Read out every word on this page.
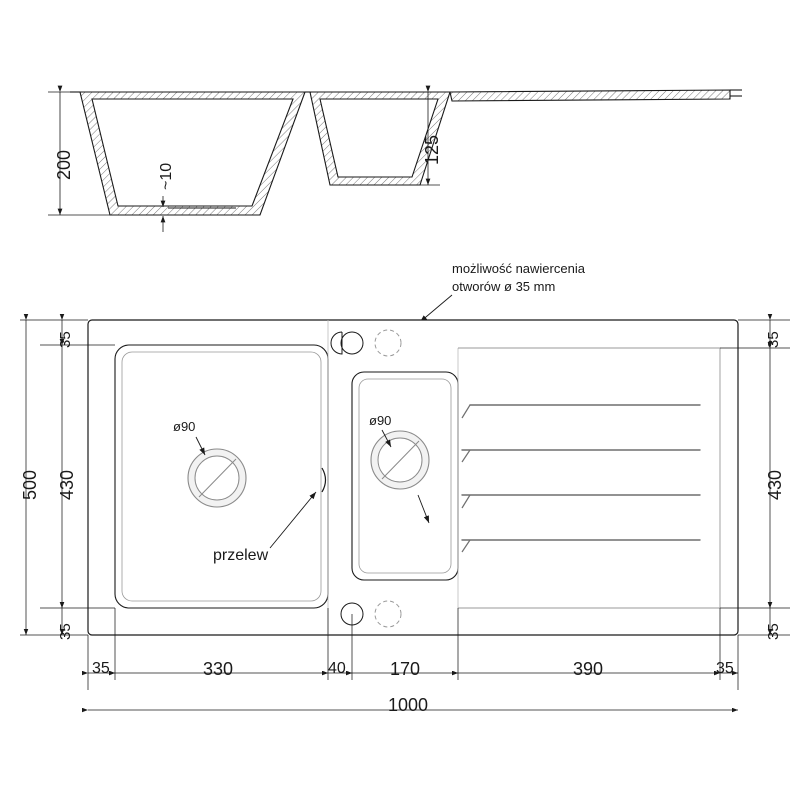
200	~10
125
możliwość nawiercenia
otworów ø 35 mm
500
35
430
35
35
430
35
35	330	40 170	390	35
1000
ø90	ø90
przelew
